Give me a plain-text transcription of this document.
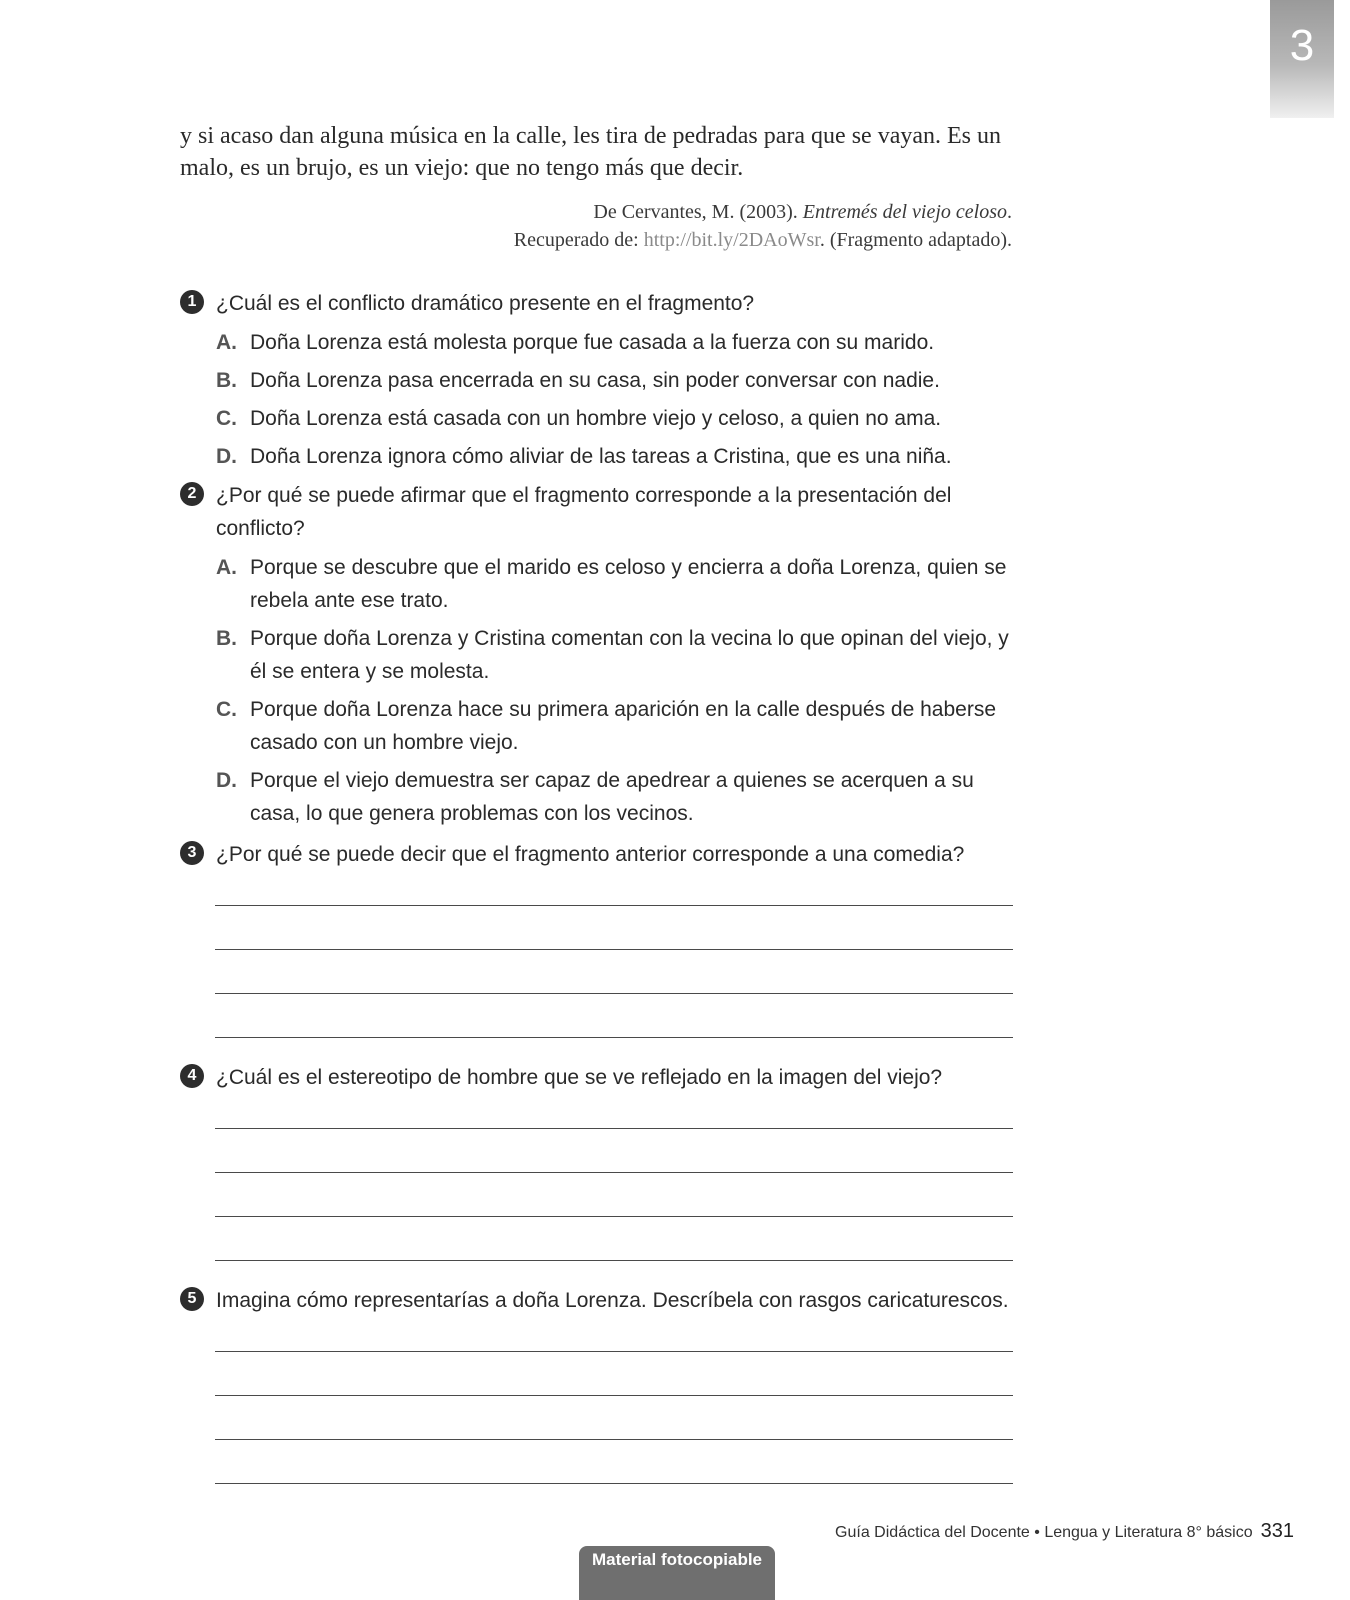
3
y si acaso dan alguna música en la calle, les tira de pedradas para que se vayan. Es un malo, es un brujo, es un viejo: que no tengo más que decir.
De Cervantes, M. (2003). Entremés del viejo celoso.
Recuperado de: http://bit.ly/2DAoWsr. (Fragmento adaptado).
1 ¿Cuál es el conflicto dramático presente en el fragmento?
A. Doña Lorenza está molesta porque fue casada a la fuerza con su marido.
B. Doña Lorenza pasa encerrada en su casa, sin poder conversar con nadie.
C. Doña Lorenza está casada con un hombre viejo y celoso, a quien no ama.
D. Doña Lorenza ignora cómo aliviar de las tareas a Cristina, que es una niña.
2 ¿Por qué se puede afirmar que el fragmento corresponde a la presentación del conflicto?
A. Porque se descubre que el marido es celoso y encierra a doña Lorenza, quien se rebela ante ese trato.
B. Porque doña Lorenza y Cristina comentan con la vecina lo que opinan del viejo, y él se entera y se molesta.
C. Porque doña Lorenza hace su primera aparición en la calle después de haberse casado con un hombre viejo.
D. Porque el viejo demuestra ser capaz de apedrear a quienes se acerquen a su casa, lo que genera problemas con los vecinos.
3 ¿Por qué se puede decir que el fragmento anterior corresponde a una comedia?
4 ¿Cuál es el estereotipo de hombre que se ve reflejado en la imagen del viejo?
5 Imagina cómo representarías a doña Lorenza. Descríbela con rasgos caricaturescos.
Guía Didáctica del Docente • Lengua y Literatura 8° básico 331
Material fotocopiable
